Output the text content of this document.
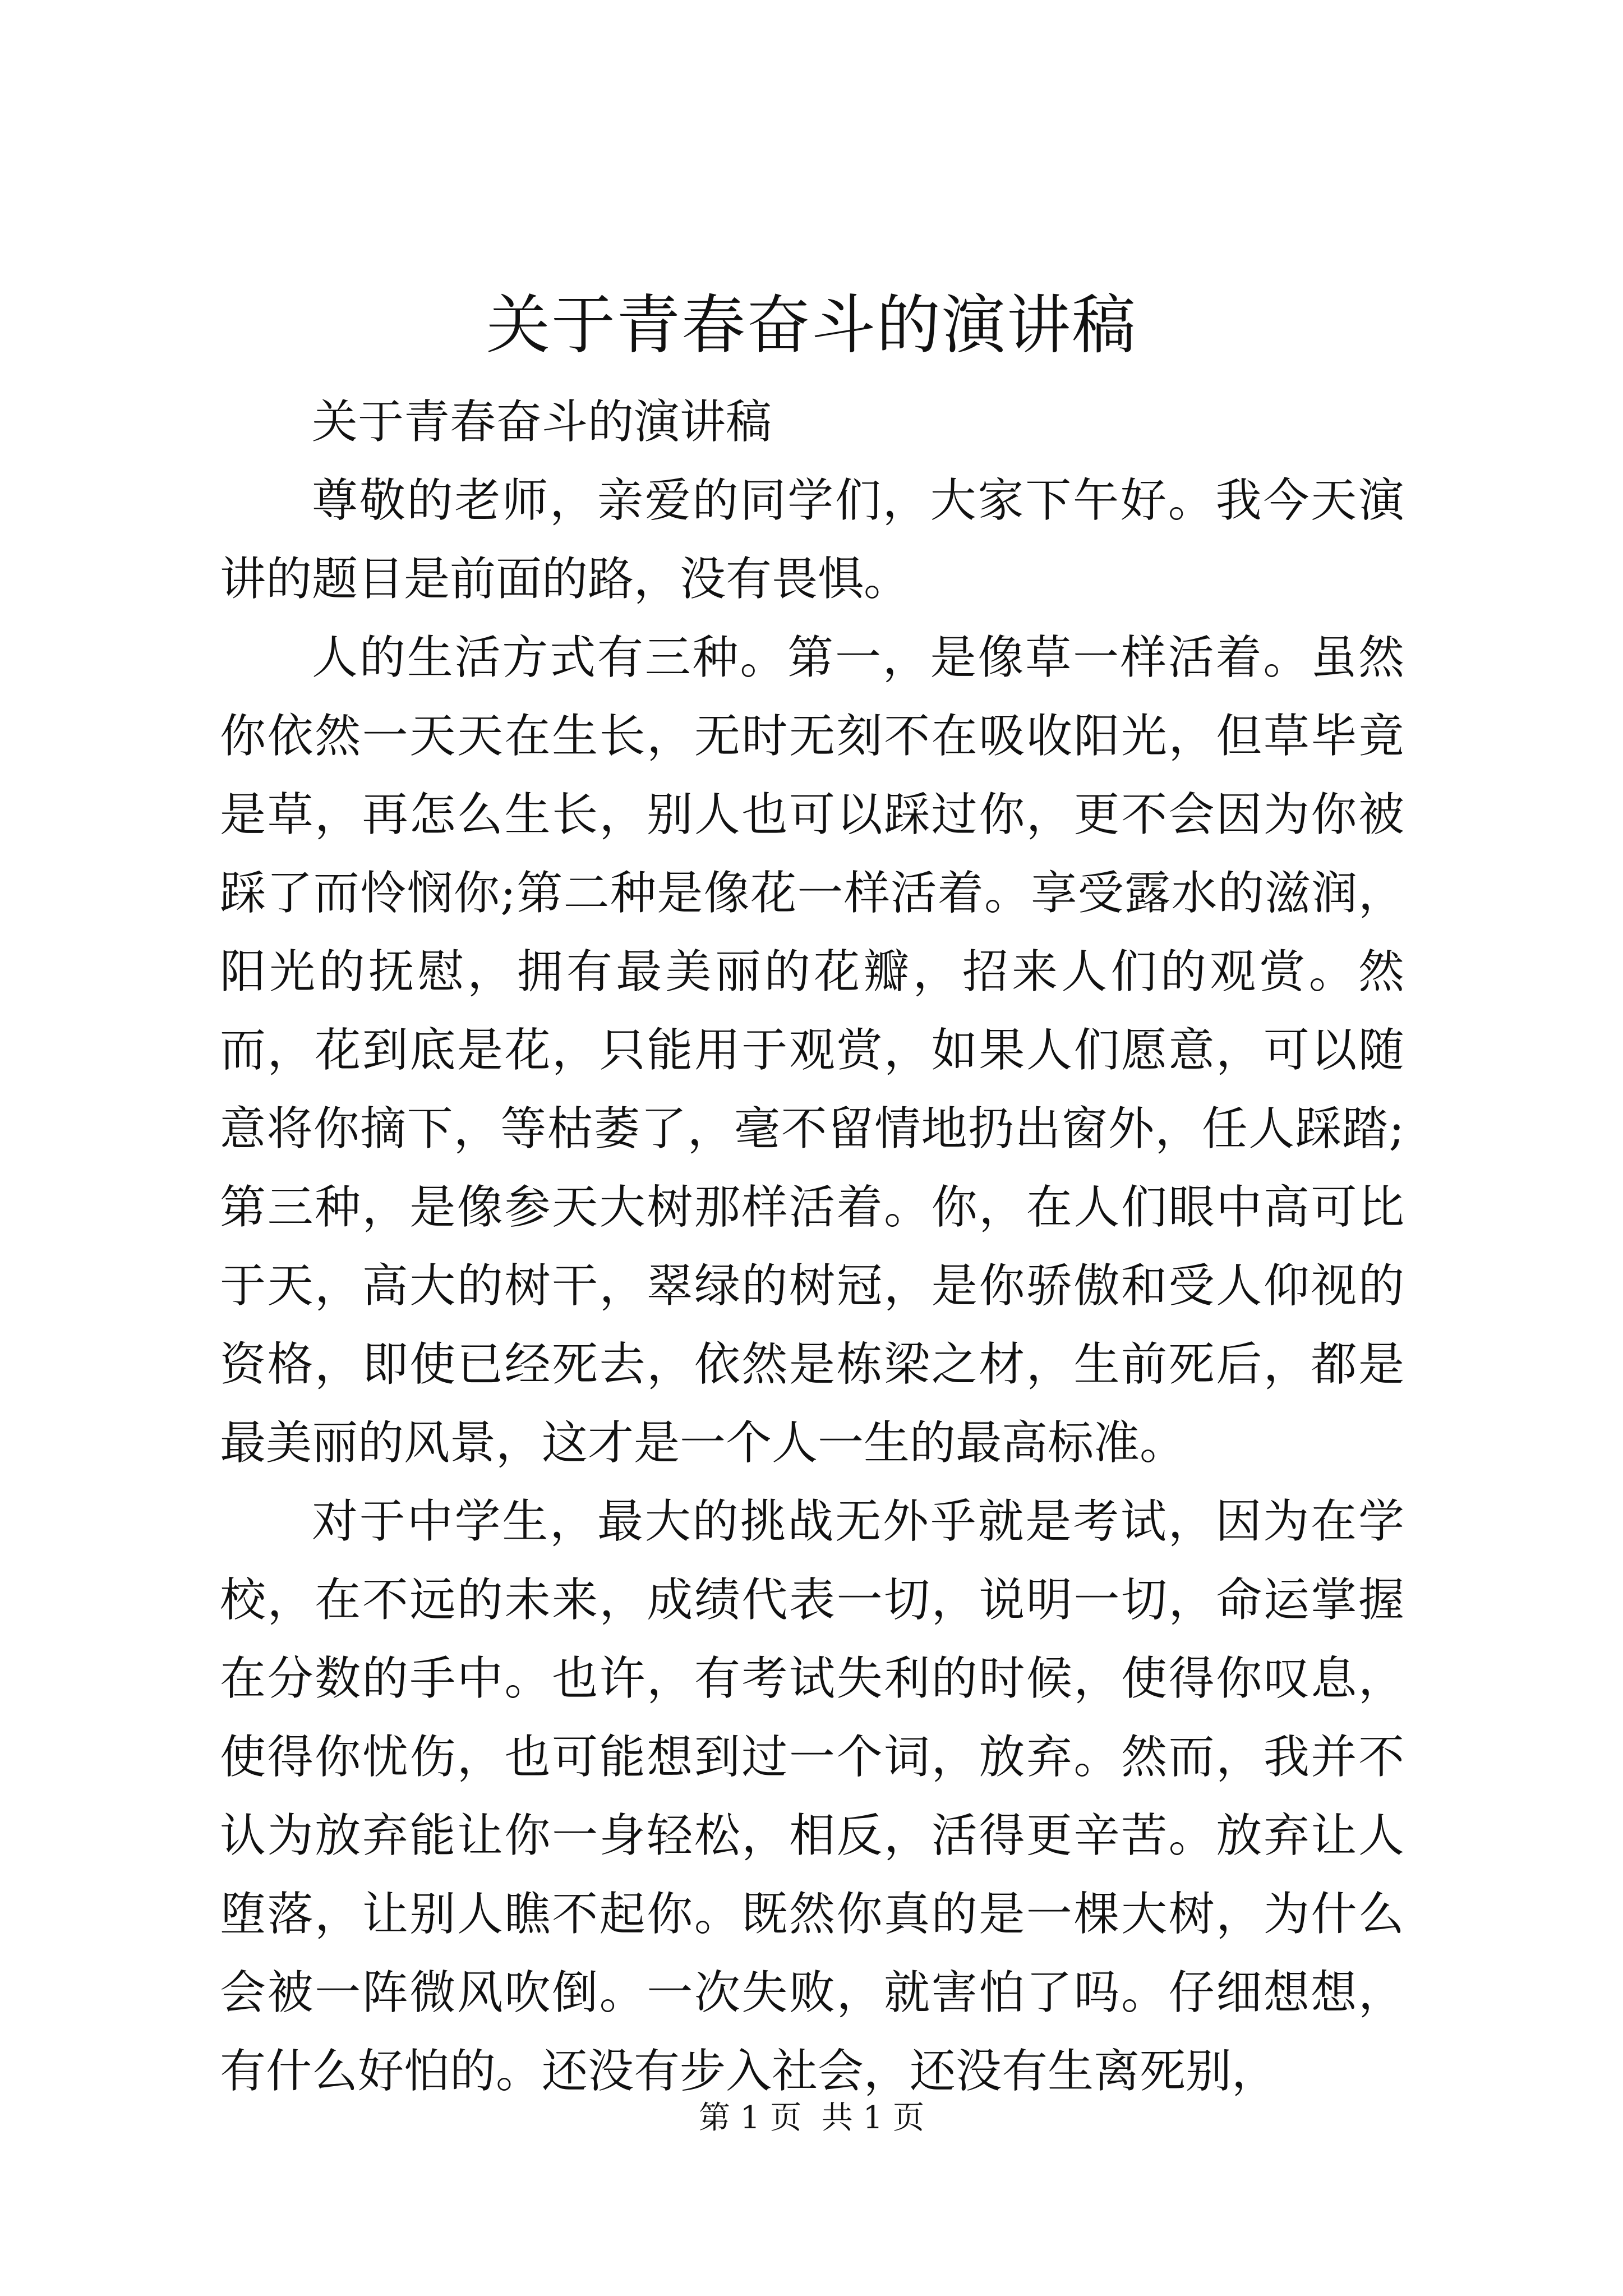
关于青春奋斗的演讲稿

关于青春奋斗的演讲稿

尊敬的老师，亲爱的同学们，大家下午好。我今天演讲的题目是前面的路，没有畏惧。

人的生活方式有三种。第一，是像草一样活着。虽然你依然一天天在生长，无时无刻不在吸收阳光，但草毕竟是草，再怎么生长，别人也可以踩过你，更不会因为你被踩了而怜悯你;第二种是像花一样活着。享受露水的滋润，阳光的抚慰，拥有最美丽的花瓣，招来人们的观赏。然而，花到底是花，只能用于观赏，如果人们愿意，可以随意将你摘下，等枯萎了，毫不留情地扔出窗外，任人踩踏;第三种，是像参天大树那样活着。你，在人们眼中高可比于天，高大的树干，翠绿的树冠，是你骄傲和受人仰视的资格，即使已经死去，依然是栋梁之材，生前死后，都是最美丽的风景，这才是一个人一生的最高标准。

对于中学生，最大的挑战无外乎就是考试，因为在学校，在不远的未来，成绩代表一切，说明一切，命运掌握在分数的手中。也许，有考试失利的时候，使得你叹息，使得你忧伤，也可能想到过一个词，放弃。然而，我并不认为放弃能让你一身轻松，相反，活得更辛苦。放弃让人堕落，让别人瞧不起你。既然你真的是一棵大树，为什么会被一阵微风吹倒。一次失败，就害怕了吗。仔细想想，有什么好怕的。还没有步入社会，还没有生离死别，

第 1 页  共 1 页
